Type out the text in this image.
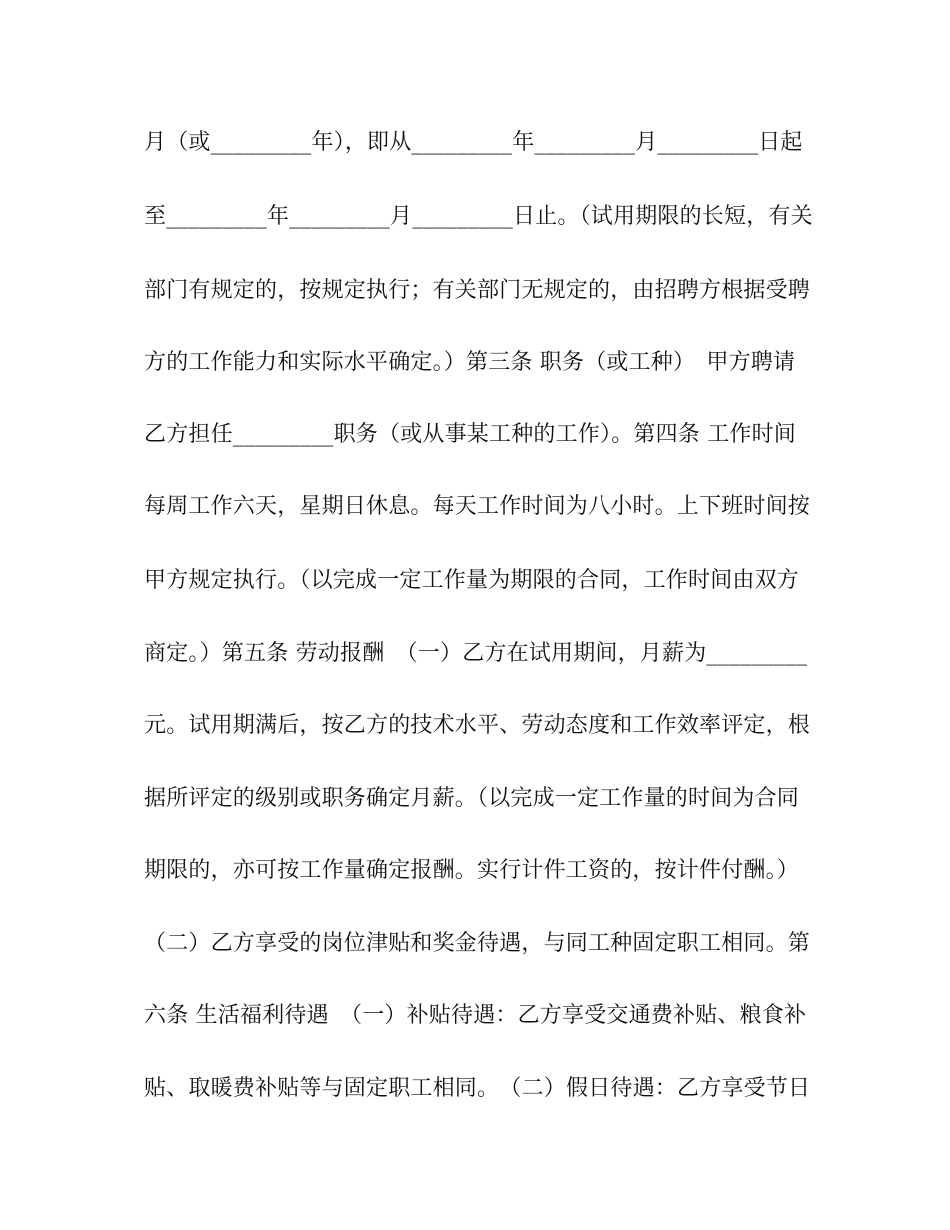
月（或_________年），即从_________年_________月_________日起
至_________年_________月_________日止。（试用期限的长短，有关
部门有规定的，按规定执行；有关部门无规定的，由招聘方根据受聘
方的工作能力和实际水平确定。）第三条 职务（或工种）　甲方聘请
乙方担任_________职务（或从事某工种的工作）。第四条 工作时间
每周工作六天，星期日休息。每天工作时间为八小时。上下班时间按
甲方规定执行。（以完成一定工作量为期限的合同，工作时间由双方
商定。）第五条 劳动报酬　（一）乙方在试用期间，月薪为_________
元。试用期满后，按乙方的技术水平、劳动态度和工作效率评定，根
据所评定的级别或职务确定月薪。（以完成一定工作量的时间为合同
期限的，亦可按工作量确定报酬。实行计件工资的，按计件付酬。）
（二）乙方享受的岗位津贴和奖金待遇，与同工种固定职工相同。第
六条 生活福利待遇　（一）补贴待遇：乙方享受交通费补贴、粮食补
贴、取暖费补贴等与固定职工相同。　（二）假日待遇：乙方享受节日
